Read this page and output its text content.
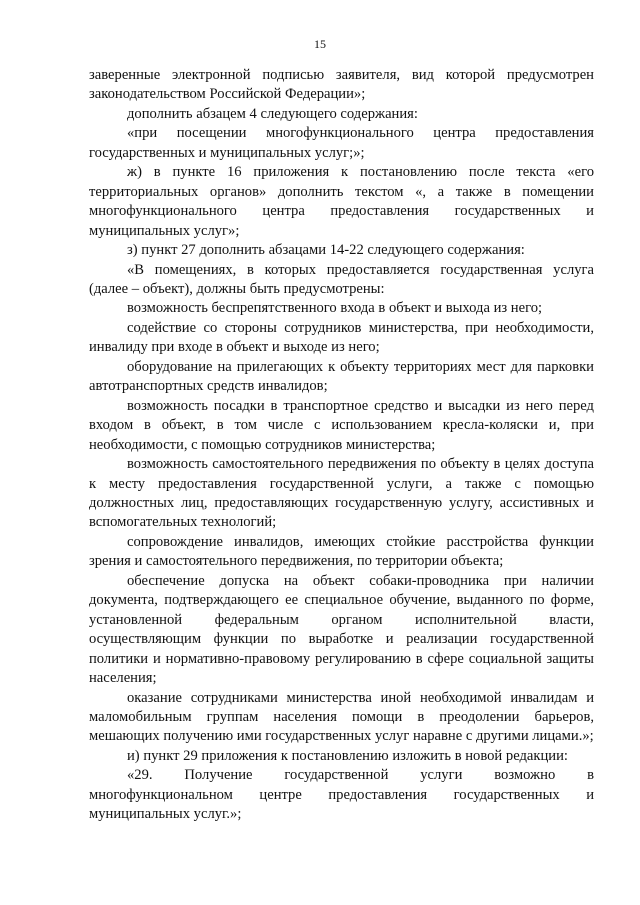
15

заверенные электронной подписью заявителя, вид которой предусмотрен законодательством Российской Федерации»;

дополнить абзацем 4 следующего содержания:

«при посещении многофункционального центра предоставления государственных и муниципальных услуг;»;

ж) в пункте 16 приложения к постановлению после текста «его территориальных органов» дополнить текстом «, а также в помещении многофункционального центра предоставления государственных и муниципальных услуг»;

з) пункт 27 дополнить абзацами 14-22 следующего содержания:

«В помещениях, в которых предоставляется государственная услуга (далее – объект), должны быть предусмотрены:

возможность беспрепятственного входа в объект и выхода из него;

содействие со стороны сотрудников министерства, при необходимости, инвалиду при входе в объект и выходе из него;

оборудование на прилегающих к объекту территориях мест для парковки автотранспортных средств инвалидов;

возможность посадки в транспортное средство и высадки из него перед входом в объект, в том числе с использованием кресла-коляски и, при необходимости, с помощью сотрудников министерства;

возможность самостоятельного передвижения по объекту в целях доступа к месту предоставления государственной услуги, а также с помощью должностных лиц, предоставляющих государственную услугу, ассистивных и вспомогательных технологий;

сопровождение инвалидов, имеющих стойкие расстройства функции зрения и самостоятельного передвижения, по территории объекта;

обеспечение допуска на объект собаки-проводника при наличии документа, подтверждающего ее специальное обучение, выданного по форме, установленной федеральным органом исполнительной власти, осуществляющим функции по выработке и реализации государственной политики и нормативно-правовому регулированию в сфере социальной защиты населения;

оказание сотрудниками министерства иной необходимой инвалидам и маломобильным группам населения помощи в преодолении барьеров, мешающих получению ими государственных услуг наравне с другими лицами.»;

и) пункт 29 приложения к постановлению изложить в новой редакции:

«29. Получение государственной услуги возможно в многофункциональном центре предоставления государственных и муниципальных услуг.»;
